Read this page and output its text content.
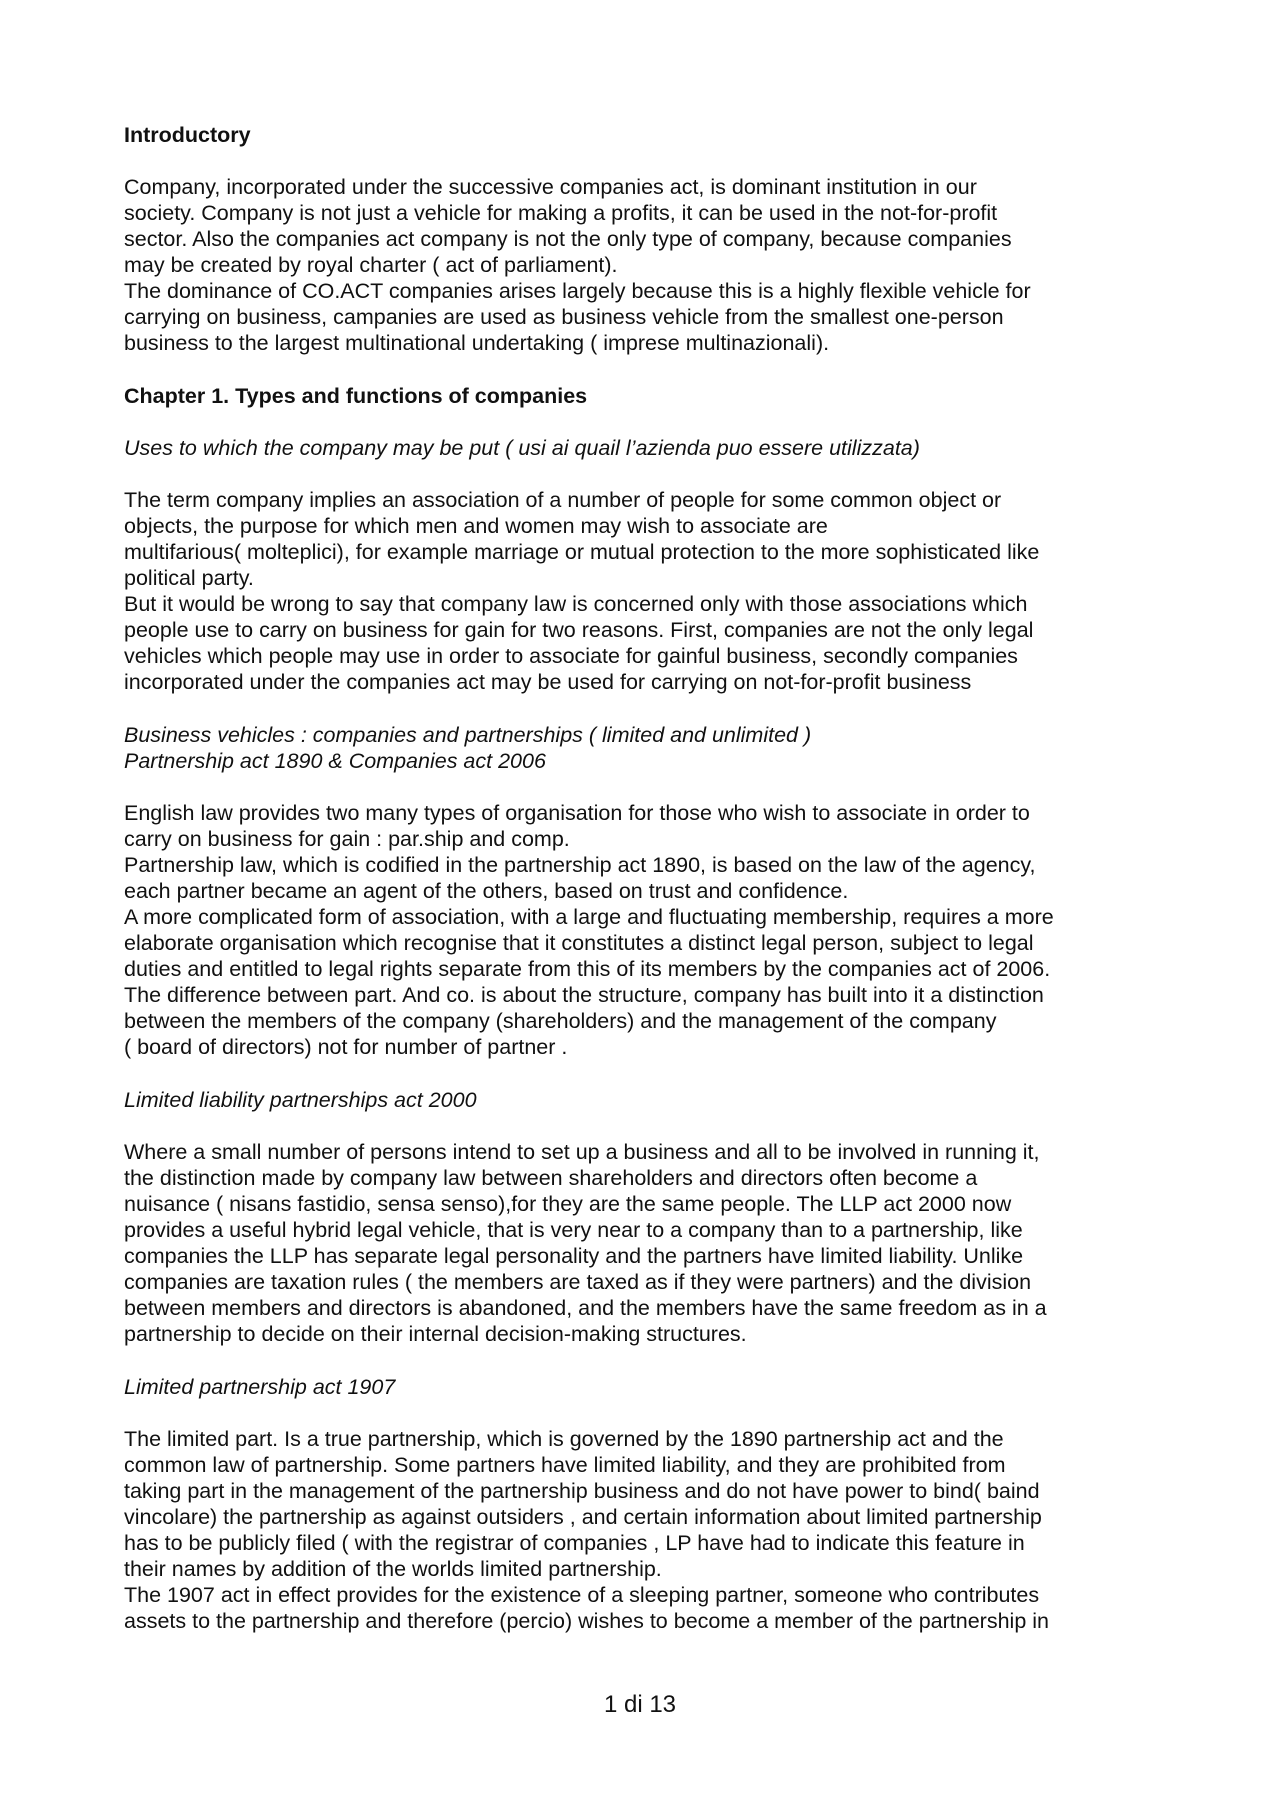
Introductory
Company, incorporated under the successive companies act, is dominant institution in our
society. Company is not just a vehicle for making a profits, it can be used in the not-for-profit
sector. Also the companies act company is not the only type of company, because companies
may be created by royal charter ( act of parliament).
The dominance of CO.ACT companies arises largely because this is a highly flexible vehicle for
carrying on business, campanies are used as business vehicle from the smallest one-person
business to the largest multinational undertaking ( imprese multinazionali).
Chapter 1. Types and functions of companies
Uses to which the company may be put ( usi ai quail l’azienda puo essere utilizzata)
The term company implies an association of a number of people for some common object or
objects, the purpose for which men and women may wish to associate are
multifarious( molteplici), for example marriage or mutual protection to the more sophisticated like
political party.
But it would be wrong to say that company law is concerned only with those associations which
people use to carry on business for gain for two reasons. First, companies are not the only legal
vehicles which people may use in order to associate for gainful business, secondly companies
incorporated under the companies act may be used for carrying on not-for-profit business
Business vehicles : companies and partnerships ( limited and unlimited )
Partnership act 1890 & Companies act 2006
English law provides two many types of organisation for those who wish to associate in order to
carry on business for gain : par.ship and comp.
Partnership law, which is codified in the partnership act 1890, is based on the law of the agency,
each partner became an agent of the others, based on trust and confidence.
A more complicated form of association, with a large and fluctuating membership, requires a more
elaborate organisation which recognise that it constitutes a distinct legal person, subject to legal
duties and entitled to legal rights separate from this of its members by the companies act of 2006.
The difference between part. And co. is about the structure, company has built into it a distinction
between the members of the company (shareholders) and the management of the company
( board of directors) not for number of partner .
Limited liability partnerships act 2000
Where a small number of persons intend to set up a business and all to be involved in running it,
the distinction made by company law between shareholders and directors often become a
nuisance ( nisans fastidio, sensa senso),for they are the same people. The LLP act 2000 now
provides a useful hybrid legal vehicle, that is very near to a company than to a partnership, like
companies the LLP has separate legal personality and the partners have limited liability. Unlike
companies are taxation rules ( the members are taxed as if they were partners) and the division
between members and directors is abandoned, and the members have the same freedom as in a
partnership to decide on their internal decision-making structures.
Limited partnership act 1907
The limited part. Is a true partnership, which is governed by the 1890 partnership act and the
common law of partnership. Some partners have limited liability, and they are prohibited from
taking part in the management of the partnership business and do not have power to bind( baind
vincolare) the partnership as against outsiders , and certain information about limited partnership
has to be publicly filed ( with the registrar of companies , LP have had to indicate this feature in
their names by addition of the worlds limited partnership.
The 1907 act in effect provides for the existence of a sleeping partner, someone who contributes
assets to the partnership and therefore (percio) wishes to become a member of the partnership in
1 di 13
